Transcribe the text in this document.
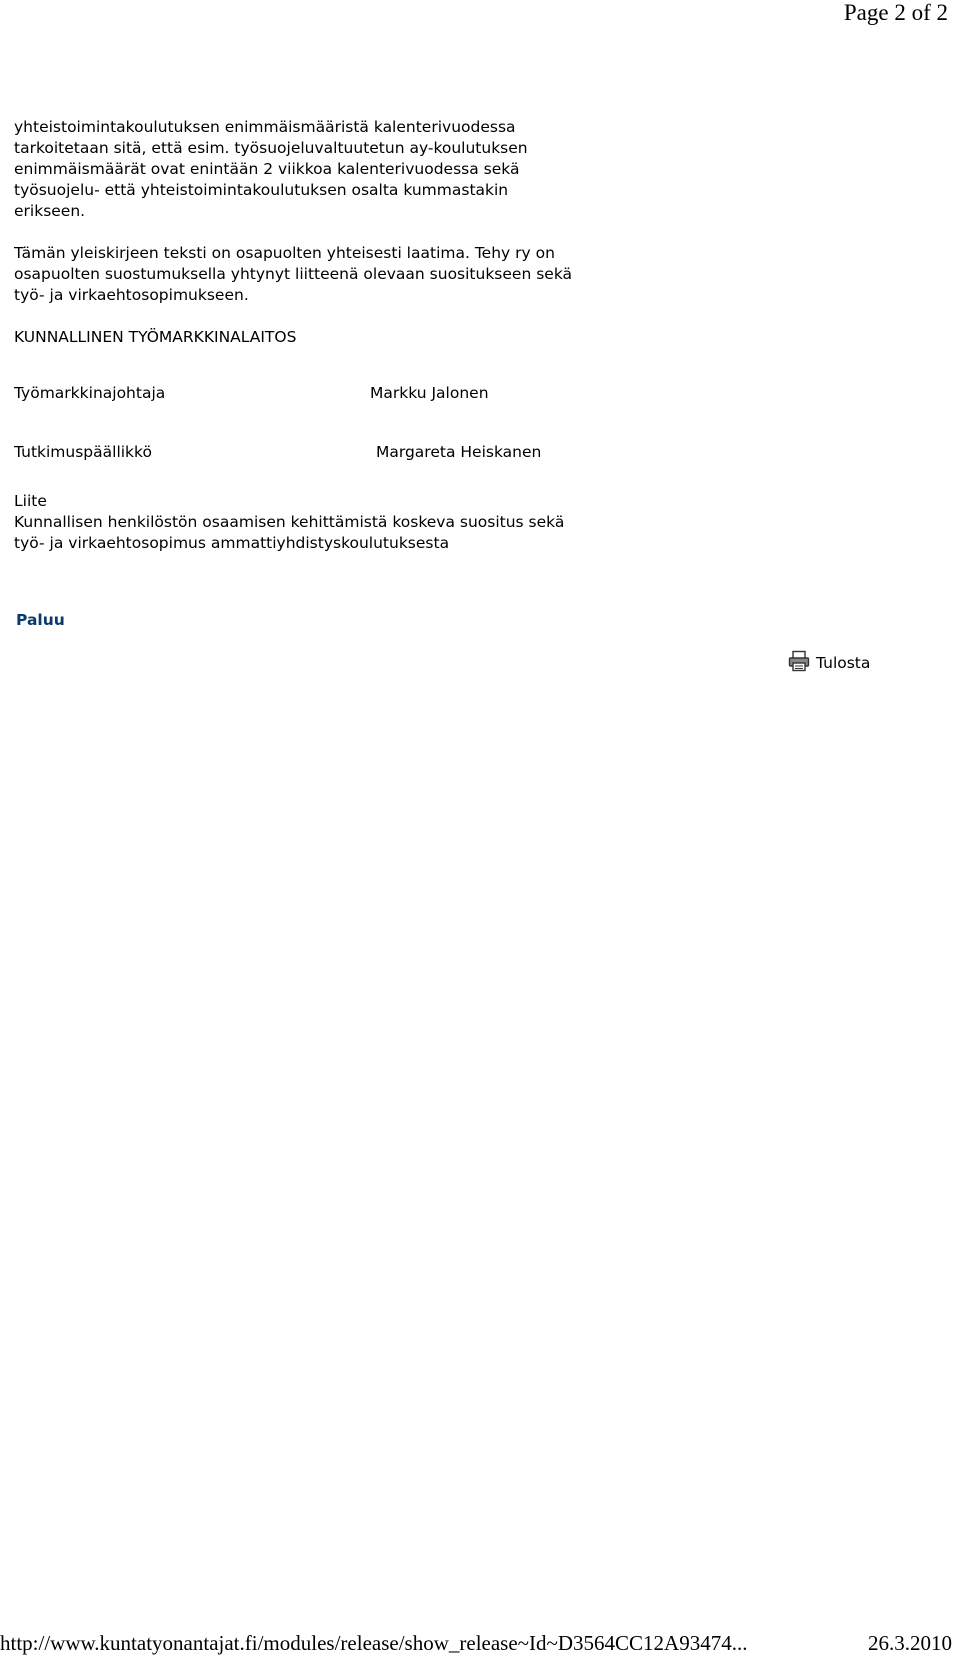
Page 2 of 2

yhteistoimintakoulutuksen enimmäismääristä kalenterivuodessa
tarkoitetaan sitä, että esim. työsuojeluvaltuutetun ay-koulutuksen
enimmäismäärät ovat enintään 2 viikkoa kalenterivuodessa sekä
työsuojelu- että yhteistoimintakoulutuksen osalta kummastakin
erikseen.

Tämän yleiskirjeen teksti on osapuolten yhteisesti laatima. Tehy ry on
osapuolten suostumuksella yhtynyt liitteenä olevaan suositukseen sekä
työ- ja virkaehtosopimukseen.

KUNNALLINEN TYÖMARKKINALAITOS

Työmarkkinajohtaja	Markku Jalonen
Tutkimuspäällikkö	Margareta Heiskanen

Liite
Kunnallisen henkilöstön osaamisen kehittämistä koskeva suositus sekä
työ- ja virkaehtosopimus ammattiyhdistyskoulutuksesta

Paluu
Tulosta
http://www.kuntatyonantajat.fi/modules/release/show_release~Id~D3564CC12A93474...	26.3.2010
